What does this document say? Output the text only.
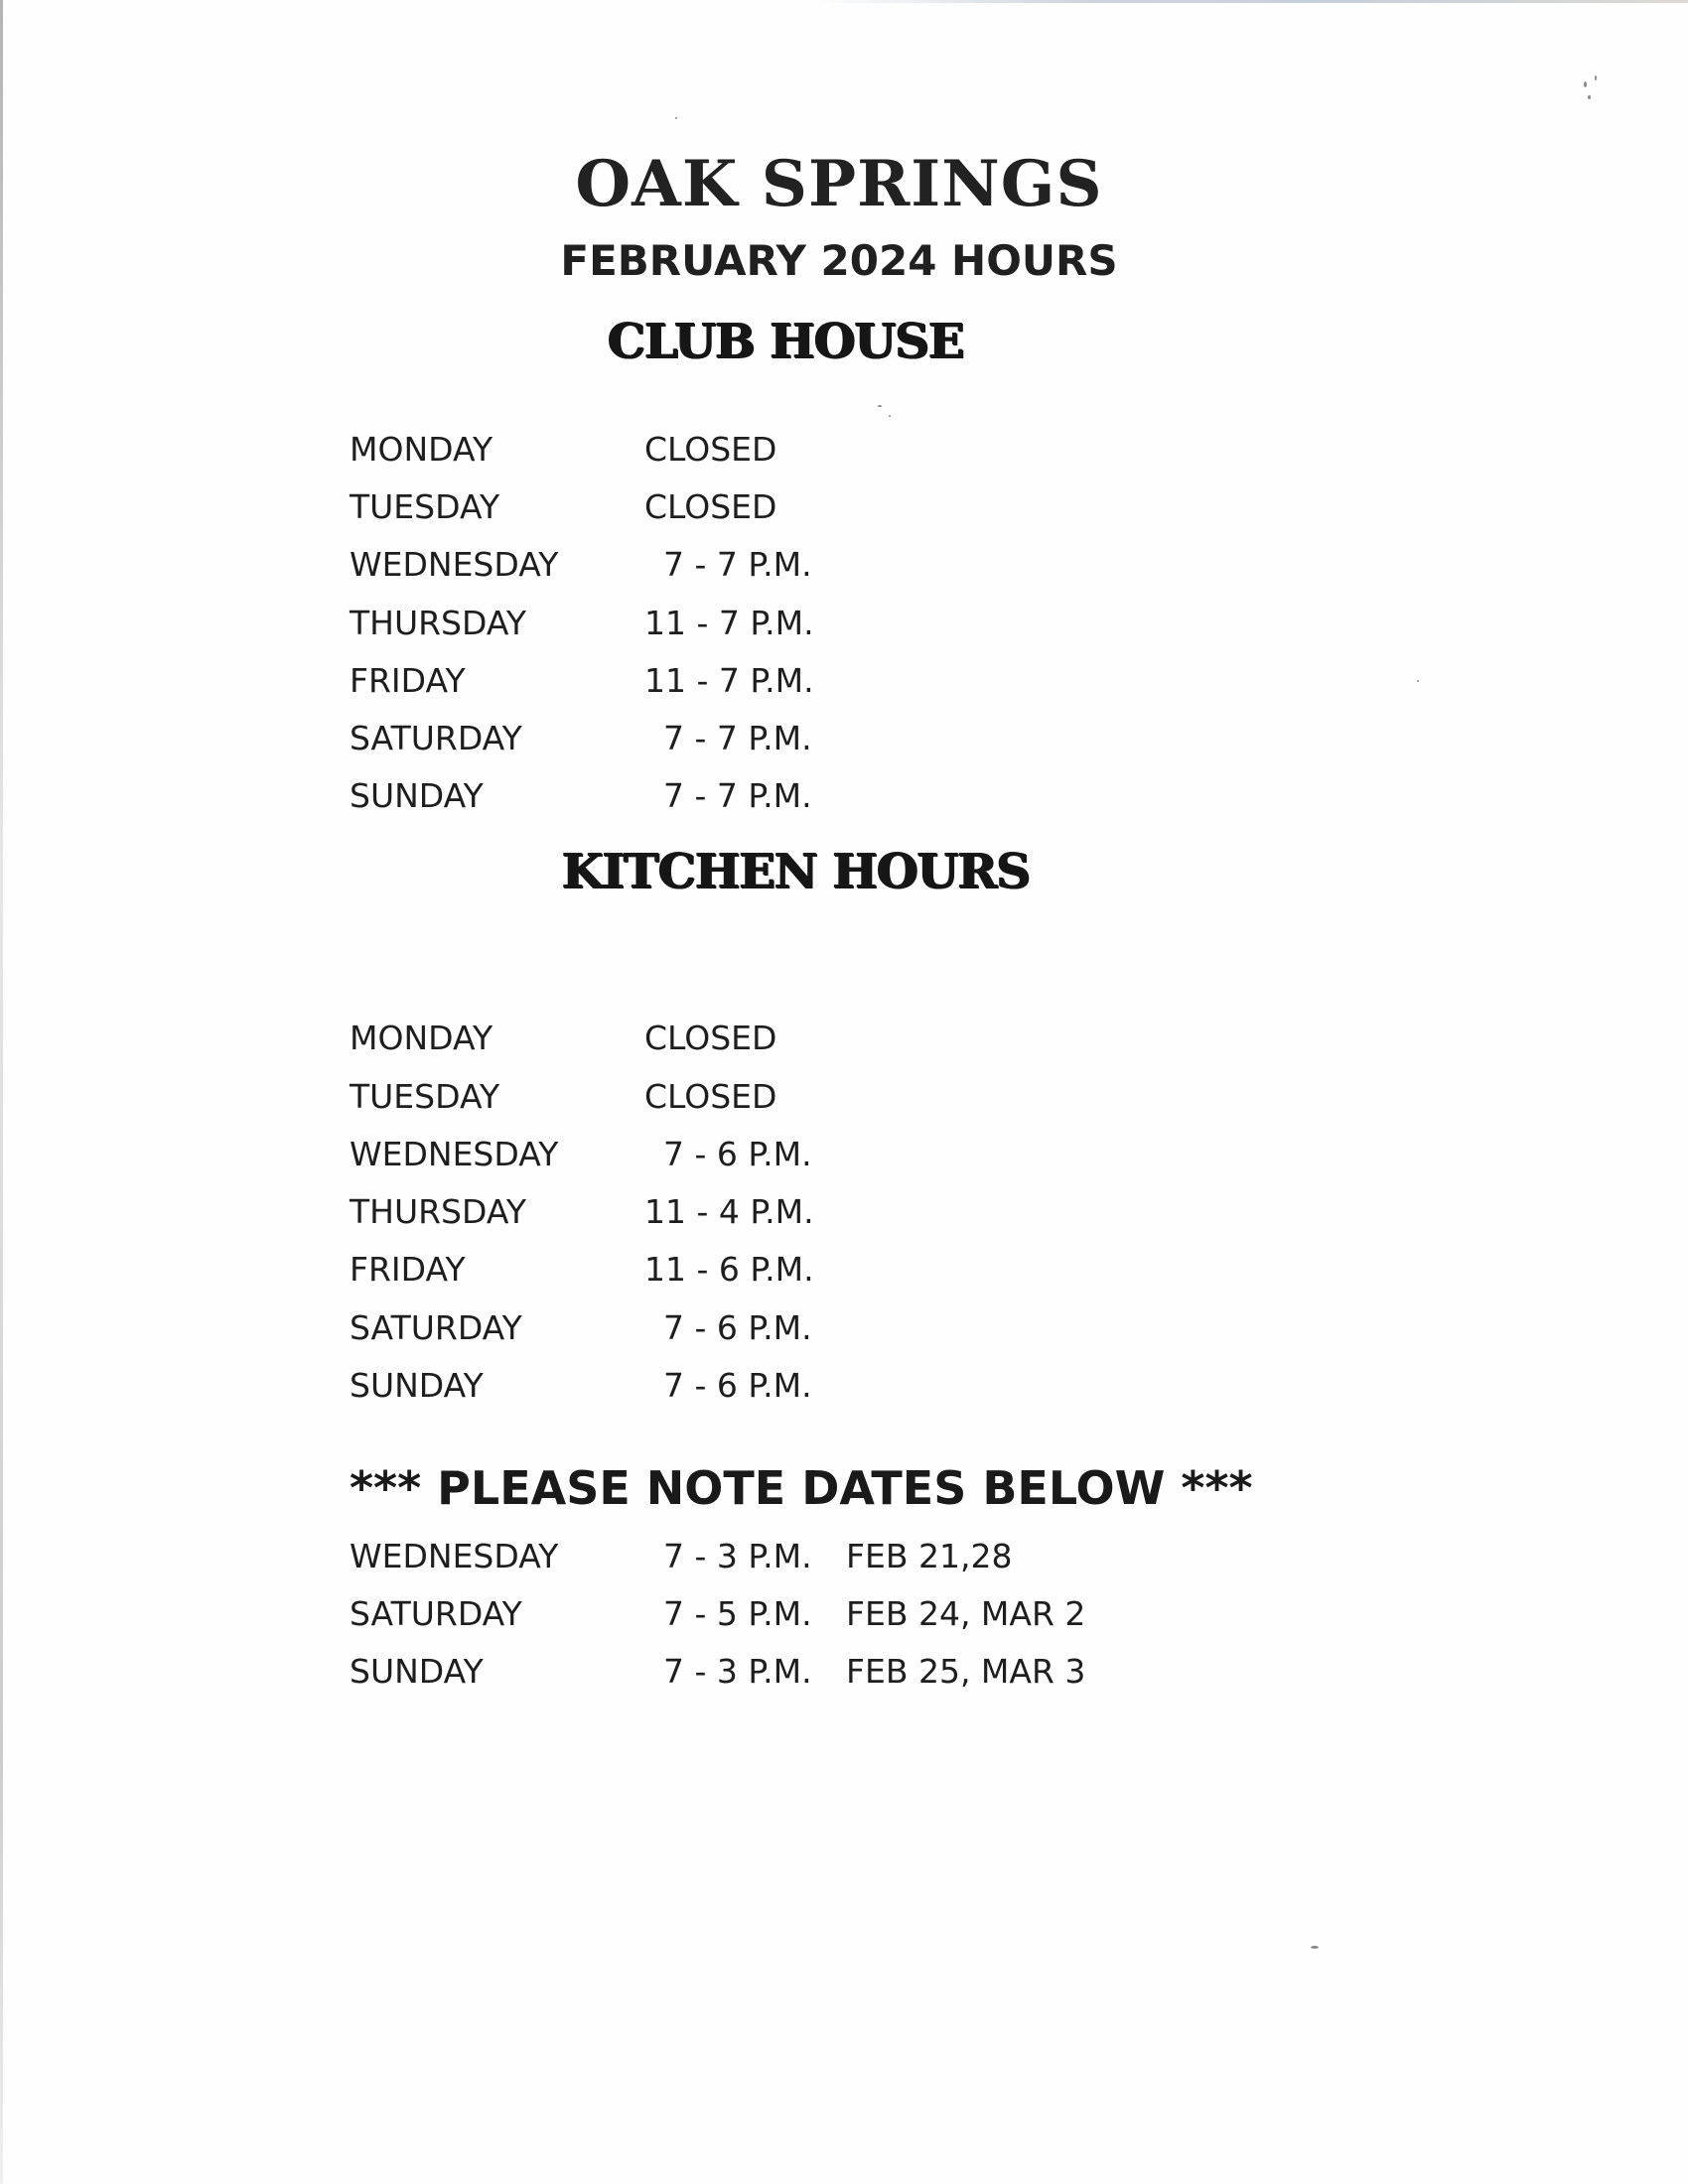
OAK SPRINGS
FEBRUARY 2024 HOURS
CLUB HOUSE
MONDAY	CLOSED
TUESDAY	CLOSED
WEDNESDAY	7 - 7 P.M.
THURSDAY	11 - 7 P.M.
FRIDAY	11 - 7 P.M.
SATURDAY	7 - 7 P.M.
SUNDAY	7 - 7 P.M.
KITCHEN HOURS
MONDAY	CLOSED
TUESDAY	CLOSED
WEDNESDAY	7 - 6 P.M.
THURSDAY	11 - 4 P.M.
FRIDAY	11 - 6 P.M.
SATURDAY	7 - 6 P.M.
SUNDAY	7 - 6 P.M.
*** PLEASE NOTE DATES BELOW ***
WEDNESDAY	7 - 3 P.M. FEB 21,28
SATURDAY	7 - 5 P.M. FEB 24, MAR 2
SUNDAY	7 - 3 P.M. FEB 25, MAR 3
